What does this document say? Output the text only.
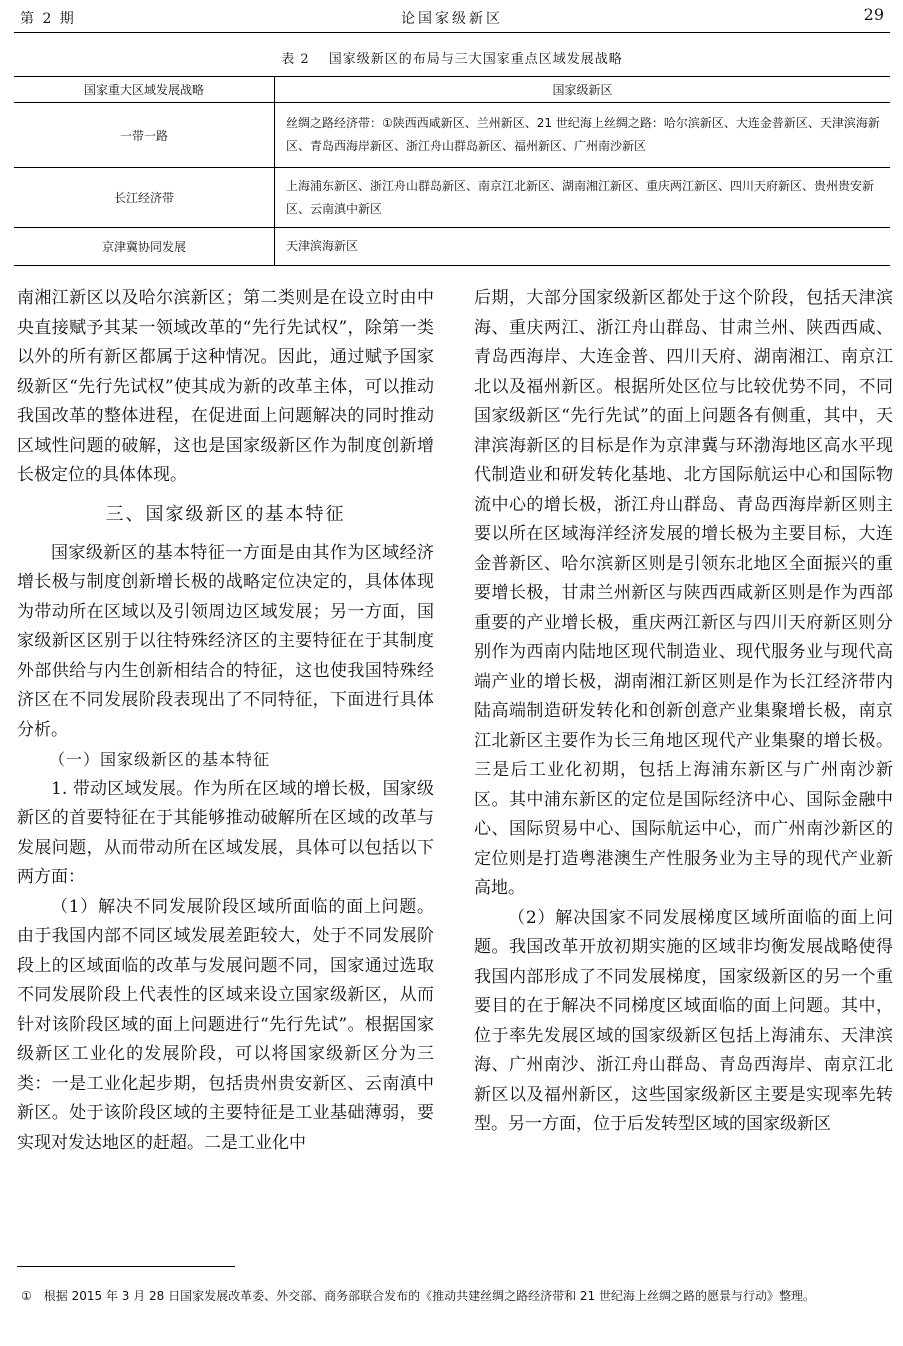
第 2 期	论国家级新区	29
表 2 国家级新区的布局与三大国家重点区域发展战略
国家重大区域发展战略	国家级新区
一带一路	丝绸之路经济带：①陕西西咸新区、兰州新区、21 世纪海上丝绸之路：哈尔滨新区、大连金普新区、天津滨海新区、青岛西海岸新区、浙江舟山群岛新区、福州新区、广州南沙新区
长江经济带	上海浦东新区、浙江舟山群岛新区、南京江北新区、湖南湘江新区、重庆两江新区、四川天府新区、贵州贵安新区、云南滇中新区
京津冀协同发展	天津滨海新区

南湘江新区以及哈尔滨新区；第二类则是在设立时由中央直接赋予其某一领域改革的“先行先试权”，除第一类以外的所有新区都属于这种情况。因此，通过赋予国家级新区“先行先试权”使其成为新的改革主体，可以推动我国改革的整体进程，在促进面上问题解决的同时推动区域性问题的破解，这也是国家级新区作为制度创新增长极定位的具体体现。

三、国家级新区的基本特征

国家级新区的基本特征一方面是由其作为区域经济增长极与制度创新增长极的战略定位决定的，具体体现为带动所在区域以及引领周边区域发展；另一方面，国家级新区区别于以往特殊经济区的主要特征在于其制度外部供给与内生创新相结合的特征，这也使我国特殊经济区在不同发展阶段表现出了不同特征，下面进行具体分析。

（一）国家级新区的基本特征

1. 带动区域发展。作为所在区域的增长极，国家级新区的首要特征在于其能够推动破解所在区域的改革与发展问题，从而带动所在区域发展，具体可以包括以下两方面：

（1）解决不同发展阶段区域所面临的面上问题。由于我国内部不同区域发展差距较大，处于不同发展阶段上的区域面临的改革与发展问题不同，国家通过选取不同发展阶段上代表性的区域来设立国家级新区，从而针对该阶段区域的面上问题进行“先行先试”。根据国家级新区工业化的发展阶段，可以将国家级新区分为三类：一是工业化起步期，包括贵州贵安新区、云南滇中新区。处于该阶段区域的主要特征是工业基础薄弱，要实现对发达地区的赶超。二是工业化中

后期，大部分国家级新区都处于这个阶段，包括天津滨海、重庆两江、浙江舟山群岛、甘肃兰州、陕西西咸、青岛西海岸、大连金普、四川天府、湖南湘江、南京江北以及福州新区。根据所处区位与比较优势不同，不同国家级新区“先行先试”的面上问题各有侧重，其中，天津滨海新区的目标是作为京津冀与环渤海地区高水平现代制造业和研发转化基地、北方国际航运中心和国际物流中心的增长极，浙江舟山群岛、青岛西海岸新区则主要以所在区域海洋经济发展的增长极为主要目标，大连金普新区、哈尔滨新区则是引领东北地区全面振兴的重要增长极，甘肃兰州新区与陕西西咸新区则是作为西部重要的产业增长极，重庆两江新区与四川天府新区则分别作为西南内陆地区现代制造业、现代服务业与现代高端产业的增长极，湖南湘江新区则是作为长江经济带内陆高端制造研发转化和创新创意产业集聚增长极，南京江北新区主要作为长三角地区现代产业集聚的增长极。三是后工业化初期，包括上海浦东新区与广州南沙新区。其中浦东新区的定位是国际经济中心、国际金融中心、国际贸易中心、国际航运中心，而广州南沙新区的定位则是打造粤港澳生产性服务业为主导的现代产业新高地。

（2）解决国家不同发展梯度区域所面临的面上问题。我国改革开放初期实施的区域非均衡发展战略使得我国内部形成了不同发展梯度，国家级新区的另一个重要目的在于解决不同梯度区域面临的面上问题。其中，位于率先发展区域的国家级新区包括上海浦东、天津滨海、广州南沙、浙江舟山群岛、青岛西海岸、南京江北新区以及福州新区，这些国家级新区主要是实现率先转型。另一方面，位于后发转型区域的国家级新区

① 根据 2015 年 3 月 28 日国家发展改革委、外交部、商务部联合发布的《推动共建丝绸之路经济带和 21 世纪海上丝绸之路的愿景与行动》整理。
